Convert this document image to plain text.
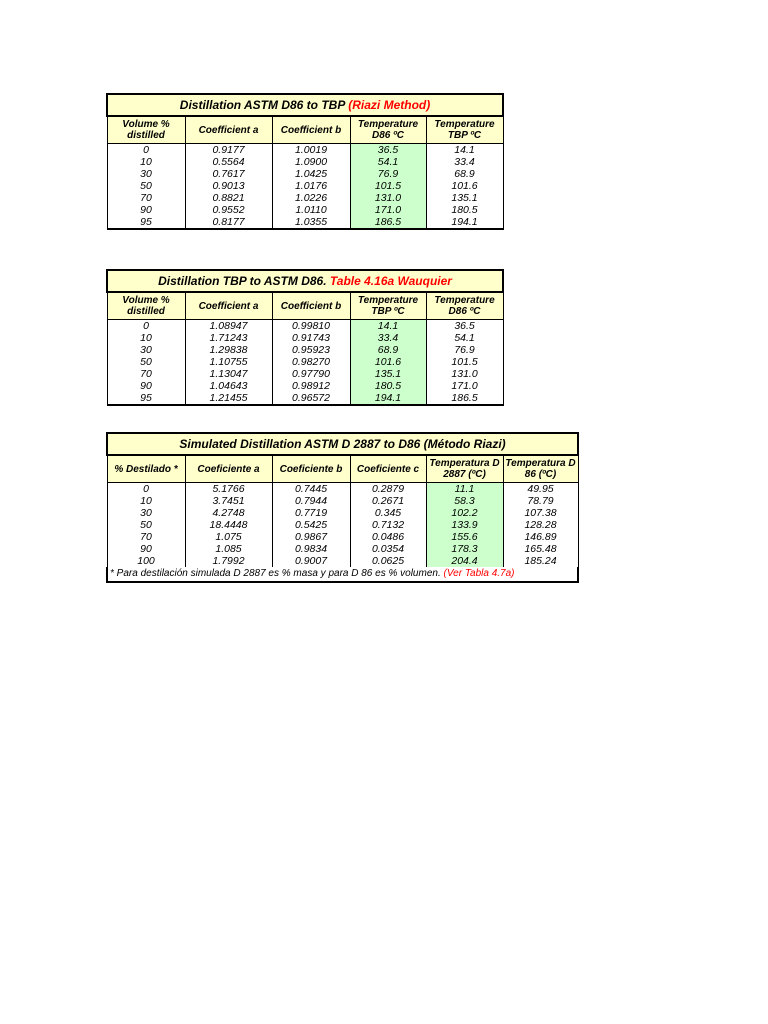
Distillation ASTM D86 to TBP (Riazi Method)				
Volume % distilled	Coefficient a	Coefficient b	Temperature D86 ºC	Temperature TBP ºC
0	0.9177	1.0019	36.5	14.1
10	0.5564	1.0900	54.1	33.4
30	0.7617	1.0425	76.9	68.9
50	0.9013	1.0176	101.5	101.6
70	0.8821	1.0226	131.0	135.1
90	0.9552	1.0110	171.0	180.5
95	0.8177	1.0355	186.5	194.1
Distillation TBP to ASTM D86. Table 4.16a Wauquier				
Volume % distilled	Coefficient a	Coefficient b	Temperature TBP ºC	Temperature D86 ºC
0	1.08947	0.99810	14.1	36.5
10	1.71243	0.91743	33.4	54.1
30	1.29838	0.95923	68.9	76.9
50	1.10755	0.98270	101.6	101.5
70	1.13047	0.97790	135.1	131.0
90	1.04643	0.98912	180.5	171.0
95	1.21455	0.96572	194.1	186.5
Simulated Distillation ASTM D 2887 to D86 (Método Riazi)					
% Destilado *	Coeficiente a	Coeficiente b	Coeficiente c	Temperatura D 2887 (ºC)	Temperatura D 86 (ºC)
0	5.1766	0.7445	0.2879	11.1	49.95
10	3.7451	0.7944	0.2671	58.3	78.79
30	4.2748	0.7719	0.345	102.2	107.38
50	18.4448	0.5425	0.7132	133.9	128.28
70	1.075	0.9867	0.0486	155.6	146.89
90	1.085	0.9834	0.0354	178.3	165.48
100	1.7992	0.9007	0.0625	204.4	185.24
* Para destilación simulada D 2887 es % masa y para D 86 es % volumen. (Ver Tabla 4.7a)					
